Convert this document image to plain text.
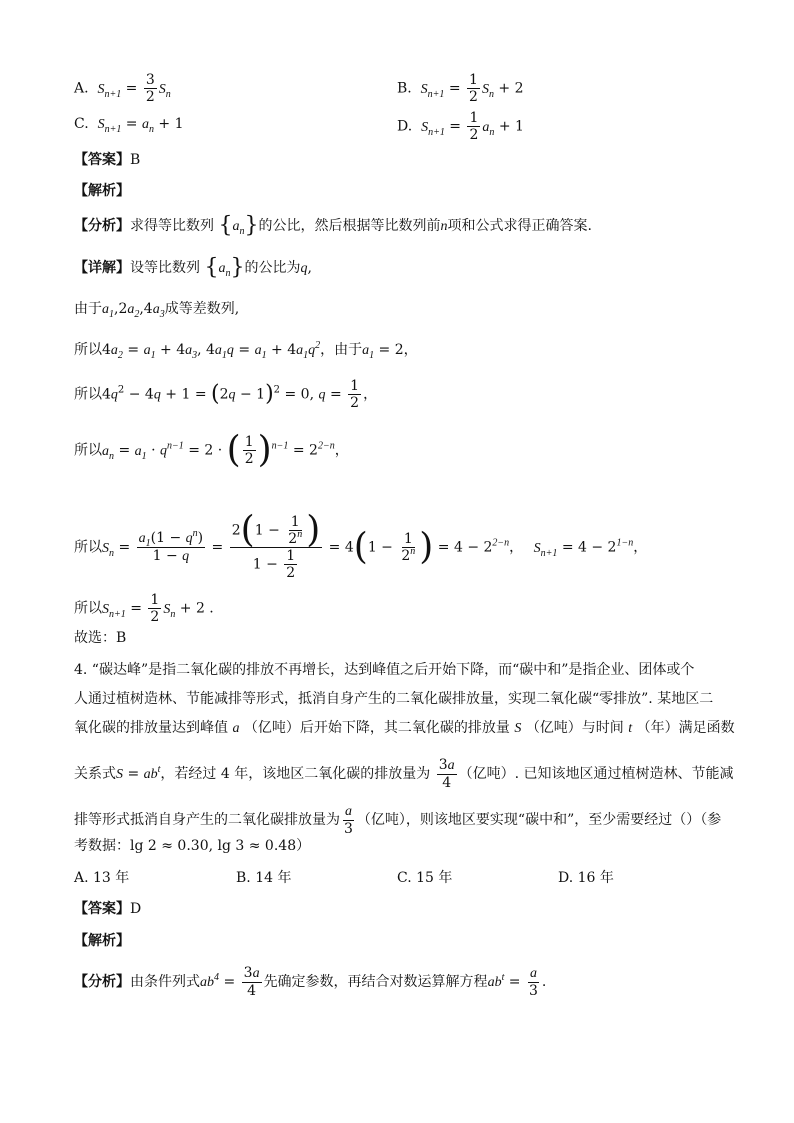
A. $S_{n+1} = \frac{3}{2} S_n$	B. $S_{n+1} = \frac{1}{2} S_n + 2$
C. $S_{n+1} = a_n + 1$	D. $S_{n+1} = \frac{1}{2} a_n + 1$
【答案】B
【解析】
【分析】求得等比数列 $\{a_n\}$的公比，然后根据等比数列前n项和公式求得正确答案.
【详解】设等比数列 $\{a_n\}$的公比为q,
由于$a_1,2a_2,4a_3$成等差数列,
所以$4a_2 = a_1 + 4a_3$, $4a_1q = a_1 + 4a_1q^2$，由于$a_1 = 2$，
所以$4q^2 - 4q + 1 = (2q - 1)^2 = 0$, $q = \frac{1}{2}$ ，
所以$a_n = a_1 \cdot q^{n-1} = 2$ · ( $\frac{1}{2} )^{n-1} = 2^{2-n}$，
所以$S_n = \frac{a_1(1 - q^n)}{1 - q} = \frac{2(1 - \frac{1}{2^n} )}{1 - \frac{1}{2}} = 4(1 - \frac{1}{2^n}$ ) = $4 - 2^{2-n}$， $S_{n+1} = 4 - 2^{1-n}$，
所以$S_{n+1} = \frac{1}{2} S_n + 2$ .
故选：B
4. “碳达峰”是指二氧化碳的排放不再增长，达到峰值之后开始下降，而“碳中和”是指企业、团体或个
人通过植树造林、节能减排等形式，抵消自身产生的二氧化碳排放量，实现二氧化碳“零排放”. 某地区二
氧化碳的排放量达到峰值 a （亿吨）后开始下降，其二氧化碳的排放量 S （亿吨）与时间 t （年）满足函数
关系式$S = ab^t$，若经过 4 年，该地区二氧化碳的排放量为 $\frac{3a}{4}$ （亿吨）. 已知该地区通过植树造林、节能减
排等形式抵消自身产生的二氧化碳排放量为 $\frac{a}{3}$ （亿吨），则该地区要实现“碳中和”，至少需要经过（）（参
考数据：lg 2 ≈ 0.30, lg 3 ≈ 0.48）
A. 13 年	B. 14 年	C. 15 年	D. 16 年
【答案】D
【解析】
【分析】由条件列式$ab^4 = \frac{3a}{4}$ 先确定参数，再结合对数运算解方程$ab^t = \frac{a}{3}$ .
